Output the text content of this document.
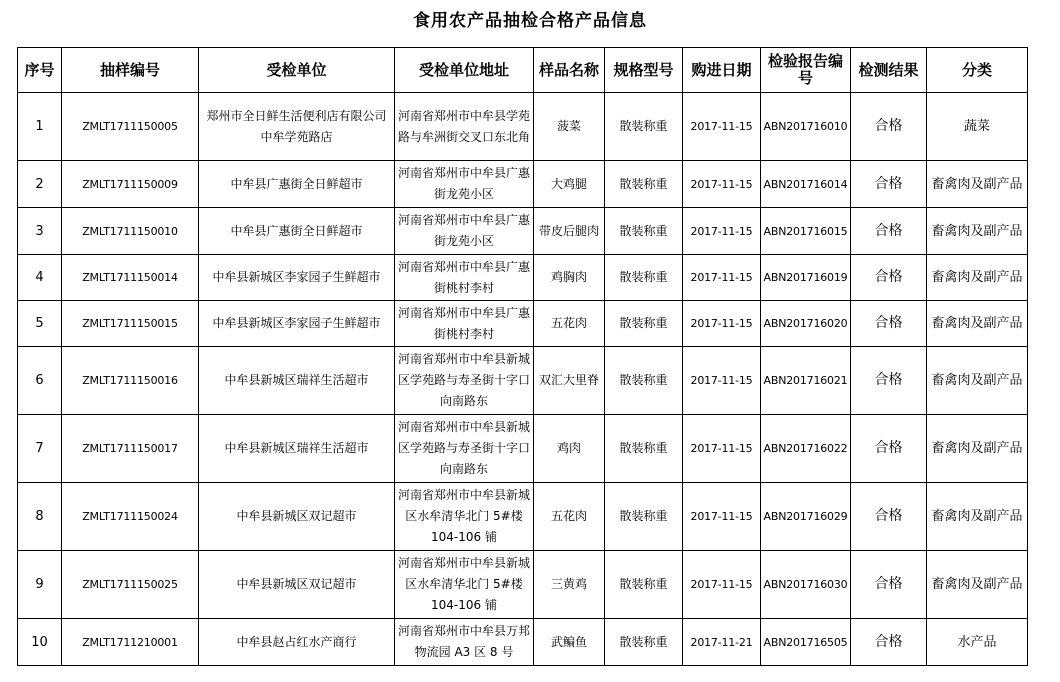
食用农产品抽检合格产品信息
序号	抽样编号	受检单位	受检单位地址	样品名称	规格型号	购进日期	检验报告编号	检测结果	分类
1	ZMLT1711150005	郑州市全日鲜生活便利店有限公司中牟学苑路店	河南省郑州市中牟县学苑路与牟洲街交叉口东北角	菠菜	散装称重	2017-11-15	ABN201716010	合格	蔬菜
2	ZMLT1711150009	中牟县广惠街全日鲜超市	河南省郑州市中牟县广惠街龙苑小区	大鸡腿	散装称重	2017-11-15	ABN201716014	合格	畜禽肉及副产品
3	ZMLT1711150010	中牟县广惠街全日鲜超市	河南省郑州市中牟县广惠街龙苑小区	带皮后腿肉	散装称重	2017-11-15	ABN201716015	合格	畜禽肉及副产品
4	ZMLT1711150014	中牟县新城区李家园子生鲜超市	河南省郑州市中牟县广惠街桃村李村	鸡胸肉	散装称重	2017-11-15	ABN201716019	合格	畜禽肉及副产品
5	ZMLT1711150015	中牟县新城区李家园子生鲜超市	河南省郑州市中牟县广惠街桃村李村	五花肉	散装称重	2017-11-15	ABN201716020	合格	畜禽肉及副产品
6	ZMLT1711150016	中牟县新城区瑞祥生活超市	河南省郑州市中牟县新城区学苑路与寿圣街十字口向南路东	双汇大里脊	散装称重	2017-11-15	ABN201716021	合格	畜禽肉及副产品
7	ZMLT1711150017	中牟县新城区瑞祥生活超市	河南省郑州市中牟县新城区学苑路与寿圣街十字口向南路东	鸡肉	散装称重	2017-11-15	ABN201716022	合格	畜禽肉及副产品
8	ZMLT1711150024	中牟县新城区双记超市	河南省郑州市中牟县新城区水牟清华北门 5#楼 104-106 铺	五花肉	散装称重	2017-11-15	ABN201716029	合格	畜禽肉及副产品
9	ZMLT1711150025	中牟县新城区双记超市	河南省郑州市中牟县新城区水牟清华北门 5#楼 104-106 铺	三黄鸡	散装称重	2017-11-15	ABN201716030	合格	畜禽肉及副产品
10	ZMLT1711210001	中牟县赵占红水产商行	河南省郑州市中牟县万邦物流园 A3 区 8 号	武鳊鱼	散装称重	2017-11-21	ABN201716505	合格	水产品
